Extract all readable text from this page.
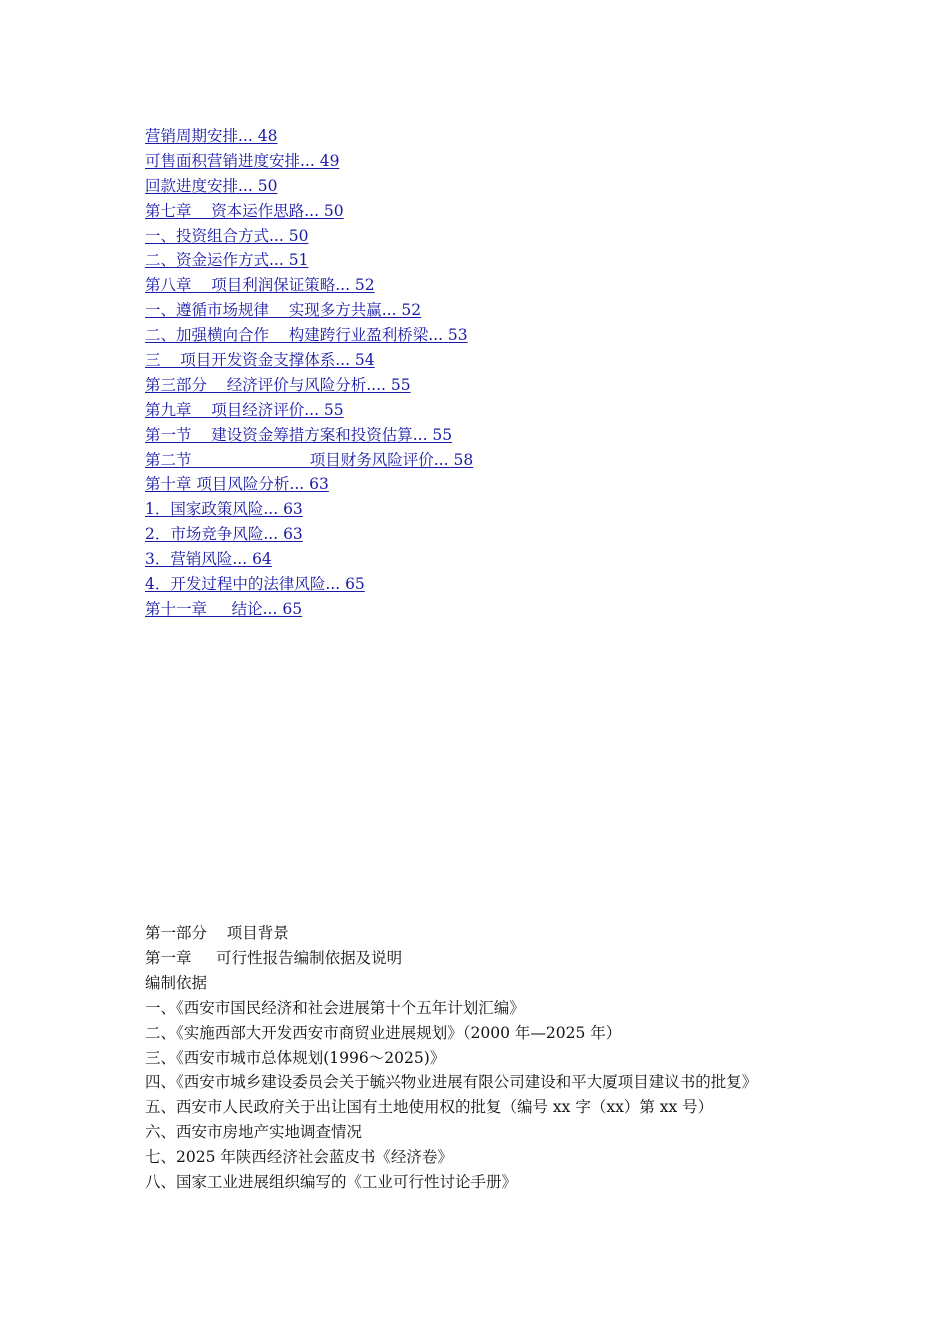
营销周期安排... 48
可售面积营销进度安排... 49
回款进度安排... 50
第七章    资本运作思路... 50
一、投资组合方式... 50
二、资金运作方式... 51
第八章    项目利润保证策略... 52
一、遵循市场规律    实现多方共赢... 52
二、加强横向合作    构建跨行业盈利桥梁... 53
三    项目开发资金支撑体系... 54
第三部分    经济评价与风险分析.... 55
第九章    项目经济评价... 55
第一节    建设资金筹措方案和投资估算... 55
第二节                        项目财务风险评价... 58
第十章 项目风险分析... 63
1．国家政策风险... 63
2．市场竞争风险... 63
3．营销风险... 64
4．开发过程中的法律风险... 65
第十一章     结论... 65
第一部分    项目背景
第一章     可行性报告编制依据及说明
编制依据
一、《西安市国民经济和社会进展第十个五年计划汇编》
二、《实施西部大开发西安市商贸业进展规划》（2000 年—2025 年）
三、《西安市城市总体规划(1996～2025)》
四、《西安市城乡建设委员会关于毓兴物业进展有限公司建设和平大厦项目建议书的批复》
五、西安市人民政府关于出让国有土地使用权的批复（编号 xx 字（xx）第 xx 号）
六、西安市房地产实地调查情况
七、2025 年陕西经济社会蓝皮书《经济卷》
八、国家工业进展组织编写的《工业可行性讨论手册》
